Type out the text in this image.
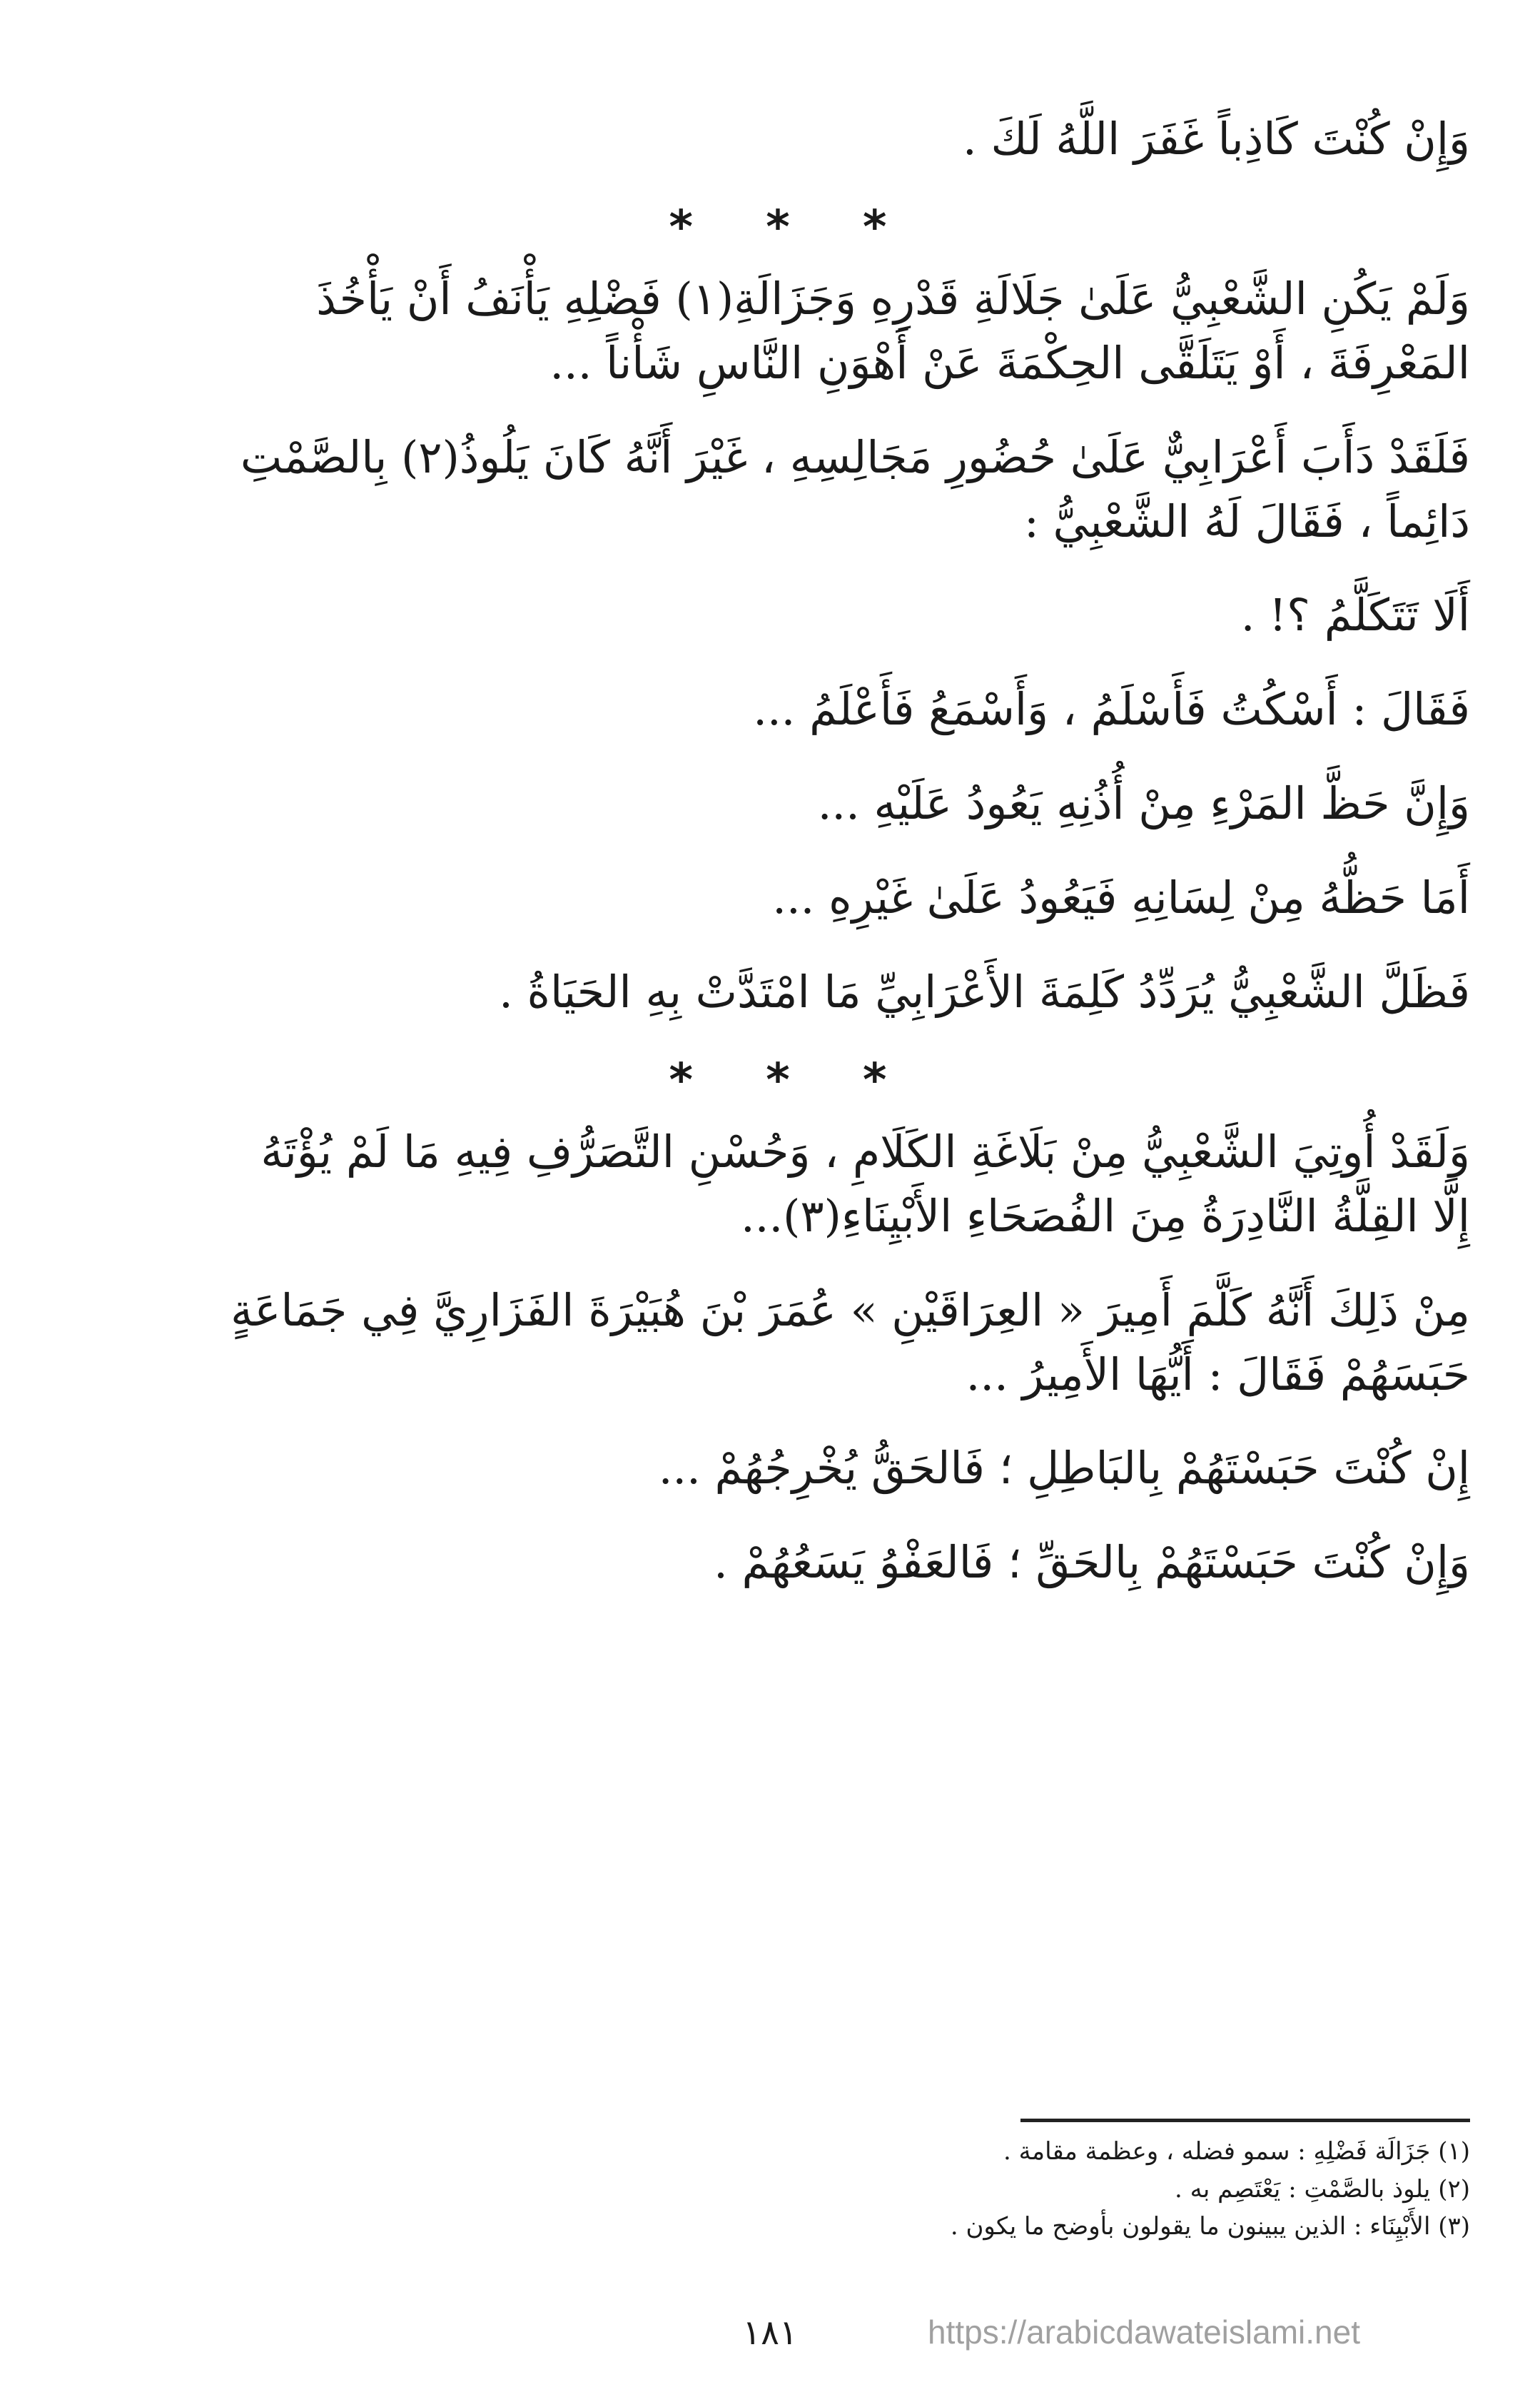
وَإِنْ كُنْتَ كَاذِباً غَفَرَ اللَّهُ لَكَ .

* * *

وَلَمْ يَكُنِ الشَّعْبِيُّ عَلَىٰ جَلَالَةِ قَدْرِهِ وَجَزَالَةِ(١) فَضْلِهِ يَأْنَفُ أَنْ يَأْخُذَ

المَعْرِفَةَ ، أَوْ يَتَلَقَّى الحِكْمَةَ عَنْ أَهْوَنِ النَّاسِ شَأْناً ...

فَلَقَدْ دَأَبَ أَعْرَابِيٌّ عَلَىٰ حُضُورِ مَجَالِسِهِ ، غَيْرَ أَنَّهُ كَانَ يَلُوذُ(٢) بِالصَّمْتِ

دَائِماً ، فَقَالَ لَهُ الشَّعْبِيُّ :

أَلَا تَتَكَلَّمُ ؟! .

فَقَالَ : أَسْكُتُ فَأَسْلَمُ ، وَأَسْمَعُ فَأَعْلَمُ ...

وَإِنَّ حَظَّ المَرْءِ مِنْ أُذُنِهِ يَعُودُ عَلَيْهِ ...

أَمَا حَظُّهُ مِنْ لِسَانِهِ فَيَعُودُ عَلَىٰ غَيْرِهِ ...

فَظَلَّ الشَّعْبِيُّ يُرَدِّدُ كَلِمَةَ الأَعْرَابِيِّ مَا امْتَدَّتْ بِهِ الحَيَاةُ .

* * *

وَلَقَدْ أُوتِيَ الشَّعْبِيُّ مِنْ بَلَاغَةِ الكَلَامِ ، وَحُسْنِ التَّصَرُّفِ فِيهِ مَا لَمْ يُؤْتَهُ

إِلَّا القِلَّةُ النَّادِرَةُ مِنَ الفُصَحَاءِ الأَبْيِنَاءِ(٣)...

مِنْ ذَلِكَ أَنَّهُ كَلَّمَ أَمِيرَ « العِرَاقَيْنِ » عُمَرَ بْنَ هُبَيْرَةَ الفَزَارِيَّ فِي جَمَاعَةٍ

حَبَسَهُمْ فَقَالَ : أَيُّهَا الأَمِيرُ ...

إِنْ كُنْتَ حَبَسْتَهُمْ بِالبَاطِلِ ؛ فَالحَقُّ يُخْرِجُهُمْ ...

وَإِنْ كُنْتَ حَبَسْتَهُمْ بِالحَقِّ ؛ فَالعَفْوُ يَسَعُهُمْ .

(١) جَزَالَة فَضْلِهِ : سمو فضله ، وعظمة مقامة .
(٢) يلوذ بالصَّمْتِ : يَعْتَصِم به .
(٣) الأَبْيِنَاء : الذين يبينون ما يقولون بأوضح ما يكون .
١٨١	https://arabicdawateislami.net
